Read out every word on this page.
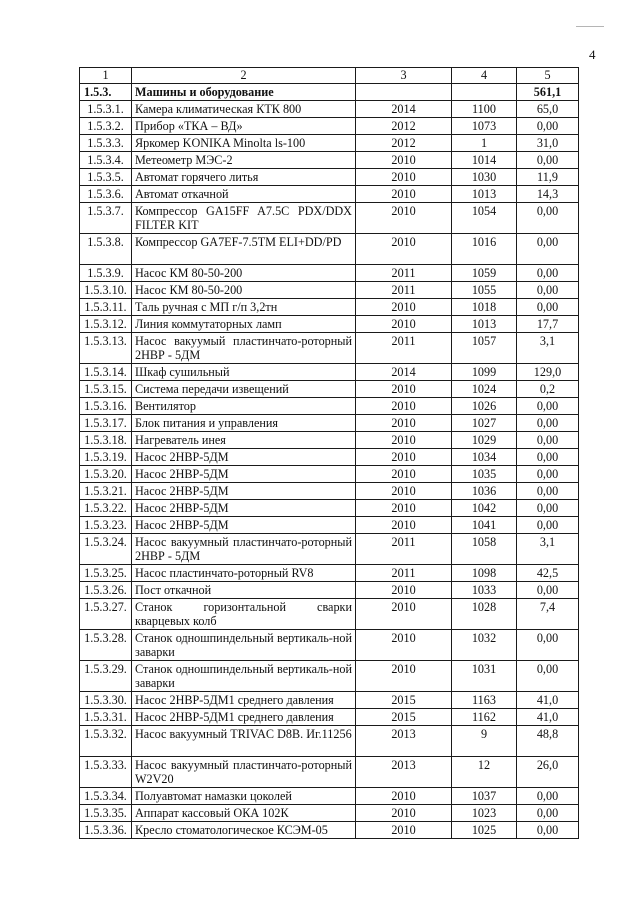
4
1	2	3	4	5
1.5.3.	Машины и оборудование			561,1
1.5.3.1.	Камера климатическая КТК 800	2014	1100	65,0
1.5.3.2.	Прибор «ТКА – ВД»	2012	1073	0,00
1.5.3.3.	Яркомер KONIKA Minolta ls-100	2012	1	31,0
1.5.3.4.	Метеометр МЭС-2	2010	1014	0,00
1.5.3.5.	Автомат горячего литья	2010	1030	11,9
1.5.3.6.	Автомат откачной	2010	1013	14,3
1.5.3.7.	Компрессор GA15FF A7.5C PDX/DDX FILTER KIT	2010	1054	0,00
1.5.3.8.	Компрессор GA7EF-7.5TM ELI+DD/PD	2010	1016	0,00
1.5.3.9.	Насос КМ 80-50-200	2011	1059	0,00
1.5.3.10.	Насос КМ 80-50-200	2011	1055	0,00
1.5.3.11.	Таль ручная с МП г/п 3,2тн	2010	1018	0,00
1.5.3.12.	Линия коммутаторных ламп	2010	1013	17,7
1.5.3.13.	Насос вакуумый пластинчато-роторный 2НВР - 5ДМ	2011	1057	3,1
1.5.3.14.	Шкаф сушильный	2014	1099	129,0
1.5.3.15.	Система передачи извещений	2010	1024	0,2
1.5.3.16.	Вентилятор	2010	1026	0,00
1.5.3.17.	Блок питания и управления	2010	1027	0,00
1.5.3.18.	Нагреватель инея	2010	1029	0,00
1.5.3.19.	Насос 2НВР-5ДМ	2010	1034	0,00
1.5.3.20.	Насос 2НВР-5ДМ	2010	1035	0,00
1.5.3.21.	Насос 2НВР-5ДМ	2010	1036	0,00
1.5.3.22.	Насос 2НВР-5ДМ	2010	1042	0,00
1.5.3.23.	Насос 2НВР-5ДМ	2010	1041	0,00
1.5.3.24.	Насос вакуумный пластинчато-роторный 2НВР - 5ДМ	2011	1058	3,1
1.5.3.25.	Насос пластинчато-роторный RV8	2011	1098	42,5
1.5.3.26.	Пост откачной	2010	1033	0,00
1.5.3.27.	Станок горизонтальной сварки кварцевых колб	2010	1028	7,4
1.5.3.28.	Станок одношпиндельный вертикаль-ной заварки	2010	1032	0,00
1.5.3.29.	Станок одношпиндельный вертикаль-ной заварки	2010	1031	0,00
1.5.3.30.	Насос 2НВР-5ДМ1 среднего давления	2015	1163	41,0
1.5.3.31.	Насос 2НВР-5ДМ1 среднего давления	2015	1162	41,0
1.5.3.32.	Насос вакуумный TRIVAC D8B. Иг.11256	2013	9	48,8
1.5.3.33.	Насос вакуумный пластинчато-роторный W2V20	2013	12	26,0
1.5.3.34.	Полуавтомат намазки цоколей	2010	1037	0,00
1.5.3.35.	Аппарат кассовый ОКА 102К	2010	1023	0,00
1.5.3.36.	Кресло стоматологическое КСЭМ-05	2010	1025	0,00
